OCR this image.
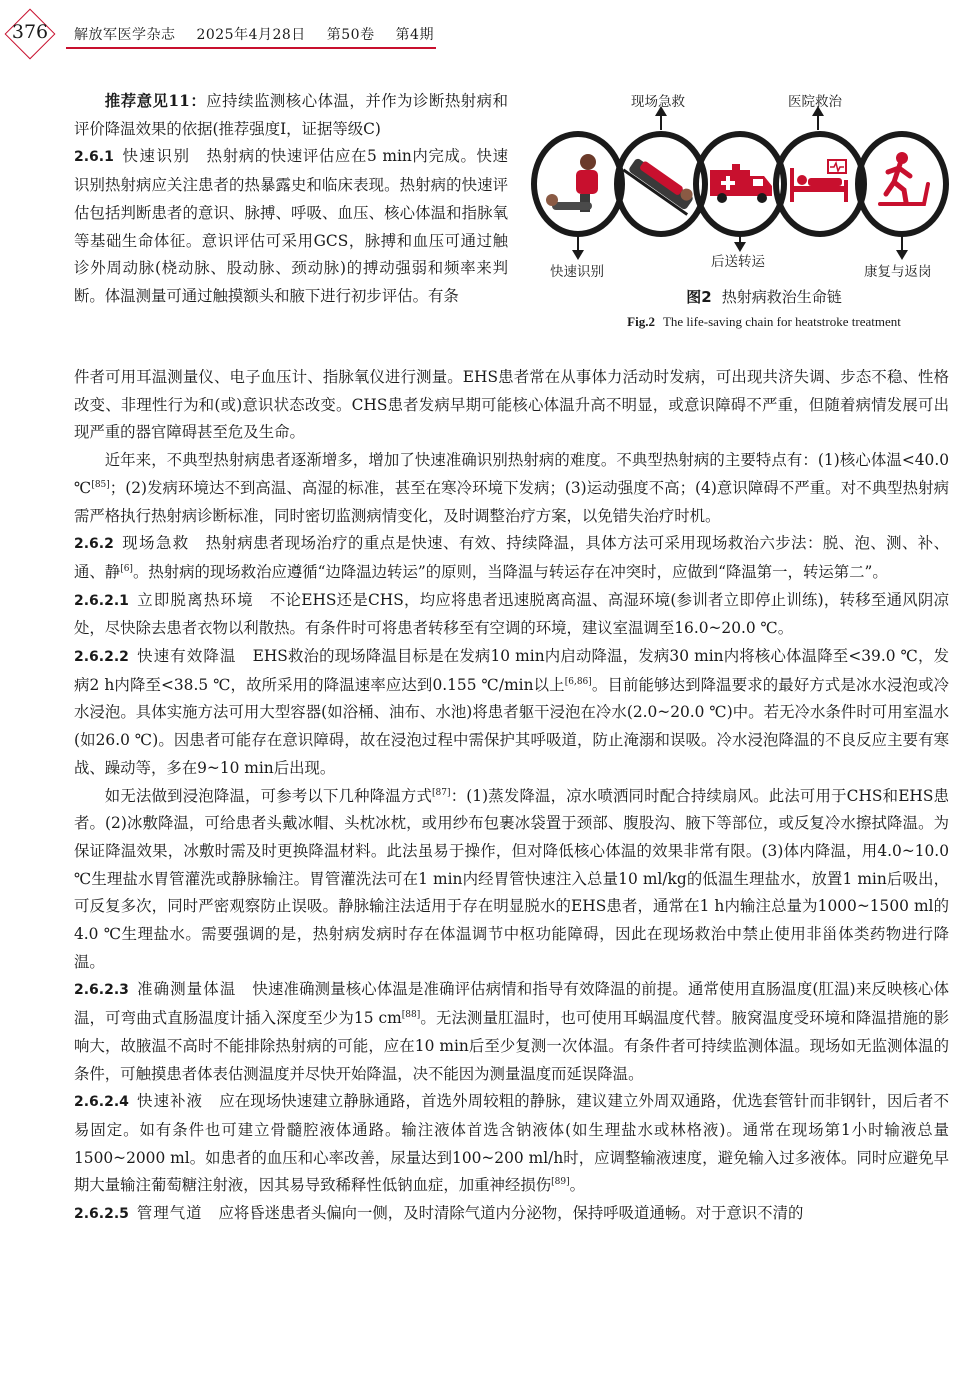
376	解放军医学杂志 2025年4月28日 第50卷 第4期

推荐意见11：应持续监测核心体温，并作为诊断热射病和评价降温效果的依据(推荐强度Ⅰ，证据等级C)

2.6.1 快速识别 热射病的快速评估应在5 min内完成。快速识别热射病应关注患者的热暴露史和临床表现。热射病的快速评估包括判断患者的意识、脉搏、呼吸、血压、核心体温和指脉氧等基础生命体征。意识评估可采用GCS，脉搏和血压可通过触诊外周动脉(桡动脉、股动脉、颈动脉)的搏动强弱和频率来判断。体温测量可通过触摸额头和腋下进行初步评估。有条

现场急救	医院救治
快速识别
后送转运
康复与返岗
图2 热射病救治生命链
Fig.2 The life-saving chain for heatstroke treatment

件者可用耳温测量仪、电子血压计、指脉氧仪进行测量。EHS患者常在从事体力活动时发病，可出现共济失调、步态不稳、性格改变、非理性行为和(或)意识状态改变。CHS患者发病早期可能核心体温升高不明显，或意识障碍不严重，但随着病情发展可出现严重的器官障碍甚至危及生命。

近年来，不典型热射病患者逐渐增多，增加了快速准确识别热射病的难度。不典型热射病的主要特点有：(1)核心体温<40.0 ℃[85]；(2)发病环境达不到高温、高湿的标准，甚至在寒冷环境下发病；(3)运动强度不高；(4)意识障碍不严重。对不典型热射病需严格执行热射病诊断标准，同时密切监测病情变化，及时调整治疗方案，以免错失治疗时机。

2.6.2 现场急救 热射病患者现场治疗的重点是快速、有效、持续降温，具体方法可采用现场救治六步法：脱、泡、测、补、通、静[6]。热射病的现场救治应遵循“边降温边转运”的原则，当降温与转运存在冲突时，应做到“降温第一，转运第二”。

2.6.2.1 立即脱离热环境 不论EHS还是CHS，均应将患者迅速脱离高温、高湿环境(参训者立即停止训练)，转移至通风阴凉处，尽快除去患者衣物以利散热。有条件时可将患者转移至有空调的环境，建议室温调至16.0~20.0 ℃。

2.6.2.2 快速有效降温 EHS救治的现场降温目标是在发病10 min内启动降温，发病30 min内将核心体温降至<39.0 ℃，发病2 h内降至<38.5 ℃，故所采用的降温速率应达到0.155 ℃/min以上[6,86]。目前能够达到降温要求的最好方式是冰水浸泡或冷水浸泡。具体实施方法可用大型容器(如浴桶、油布、水池)将患者躯干浸泡在冷水(2.0~20.0 ℃)中。若无冷水条件时可用室温水(如26.0 ℃)。因患者可能存在意识障碍，故在浸泡过程中需保护其呼吸道，防止淹溺和误吸。冷水浸泡降温的不良反应主要有寒战、躁动等，多在9~10 min后出现。

如无法做到浸泡降温，可参考以下几种降温方式[87]：(1)蒸发降温，凉水喷洒同时配合持续扇风。此法可用于CHS和EHS患者。(2)冰敷降温，可给患者头戴冰帽、头枕冰枕，或用纱布包裹冰袋置于颈部、腹股沟、腋下等部位，或反复冷水擦拭降温。为保证降温效果，冰敷时需及时更换降温材料。此法虽易于操作，但对降低核心体温的效果非常有限。(3)体内降温，用4.0~10.0 ℃生理盐水胃管灌洗或静脉输注。胃管灌洗法可在1 min内经胃管快速注入总量10 ml/kg的低温生理盐水，放置1 min后吸出，可反复多次，同时严密观察防止误吸。静脉输注法适用于存在明显脱水的EHS患者，通常在1 h内输注总量为1000~1500 ml的4.0 ℃生理盐水。需要强调的是，热射病发病时存在体温调节中枢功能障碍，因此在现场救治中禁止使用非甾体类药物进行降温。

2.6.2.3 准确测量体温 快速准确测量核心体温是准确评估病情和指导有效降温的前提。通常使用直肠温度(肛温)来反映核心体温，可弯曲式直肠温度计插入深度至少为15 cm[88]。无法测量肛温时，也可使用耳蜗温度代替。腋窝温度受环境和降温措施的影响大，故腋温不高时不能排除热射病的可能，应在10 min后至少复测一次体温。有条件者可持续监测体温。现场如无监测体温的条件，可触摸患者体表估测温度并尽快开始降温，决不能因为测量温度而延误降温。

2.6.2.4 快速补液 应在现场快速建立静脉通路，首选外周较粗的静脉，建议建立外周双通路，优选套管针而非钢针，因后者不易固定。如有条件也可建立骨髓腔液体通路。输注液体首选含钠液体(如生理盐水或林格液)。通常在现场第1小时输液总量1500~2000 ml。如患者的血压和心率改善，尿量达到100~200 ml/h时，应调整输液速度，避免输入过多液体。同时应避免早期大量输注葡萄糖注射液，因其易导致稀释性低钠血症，加重神经损伤[89]。

2.6.2.5 管理气道 应将昏迷患者头偏向一侧，及时清除气道内分泌物，保持呼吸道通畅。对于意识不清的
